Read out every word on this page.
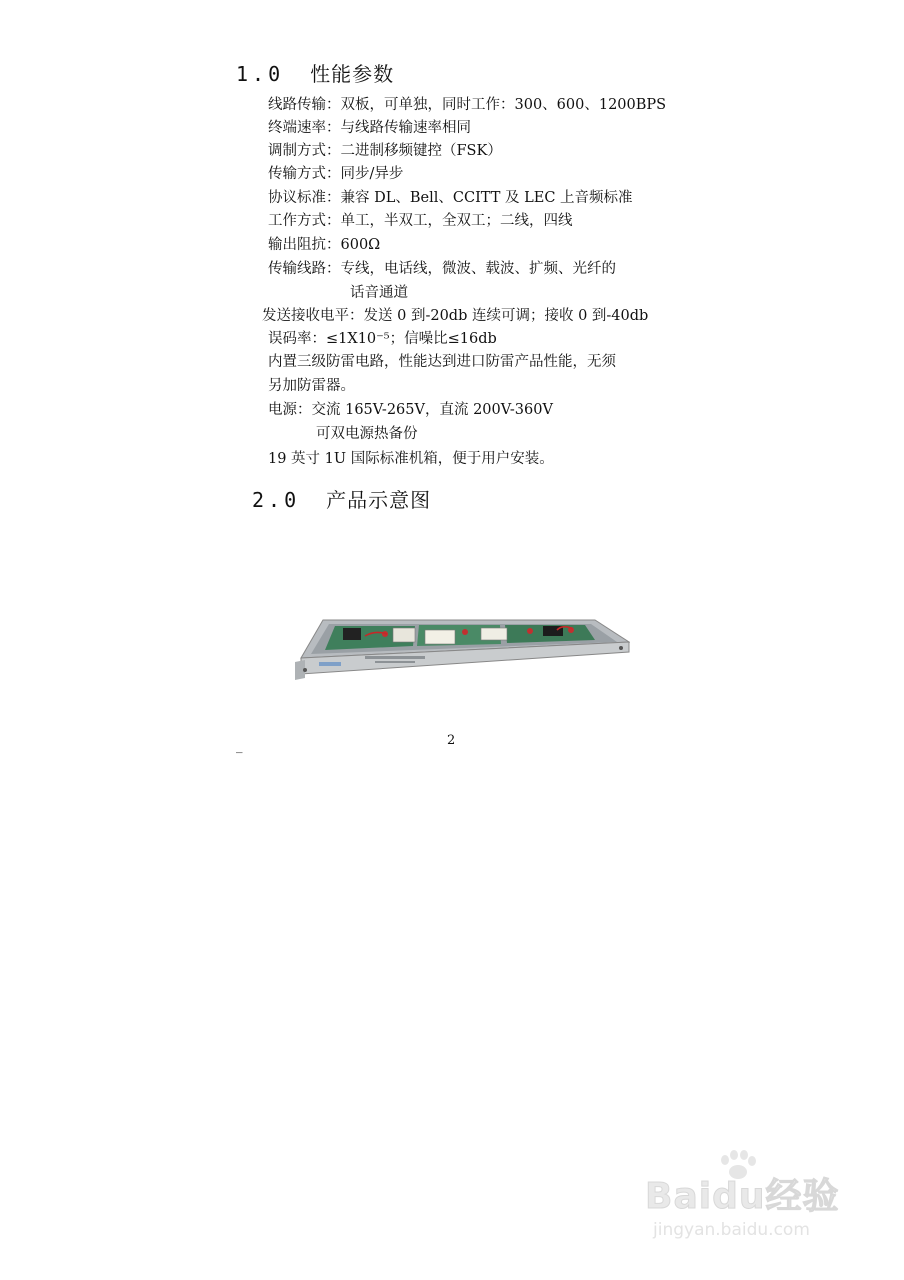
1.0 性能参数
线路传输：双板，可单独，同时工作：300、600、1200BPS
终端速率：与线路传输速率相同
调制方式：二进制移频键控（FSK）
传输方式：同步/异步
协议标准：兼容 DL、Bell、CCITT 及 LEC 上音频标准
工作方式：单工，半双工，全双工；二线，四线
输出阻抗：600Ω
传输线路：专线，电话线，微波、载波、扩频、光纤的
话音通道
发送接收电平：发送 0 到-20db 连续可调；接收 0 到-40db
误码率：≤1X10⁻⁵；信噪比≤16db
内置三级防雷电路，性能达到进口防雷产品性能，无须
另加防雷器。
电源：交流 165V-265V，直流 200V-360V
可双电源热备份
19 英寸 1U 国际标准机箱，便于用户安装。
2.0 产品示意图
2
_
Baidu经验
jingyan.baidu.com
